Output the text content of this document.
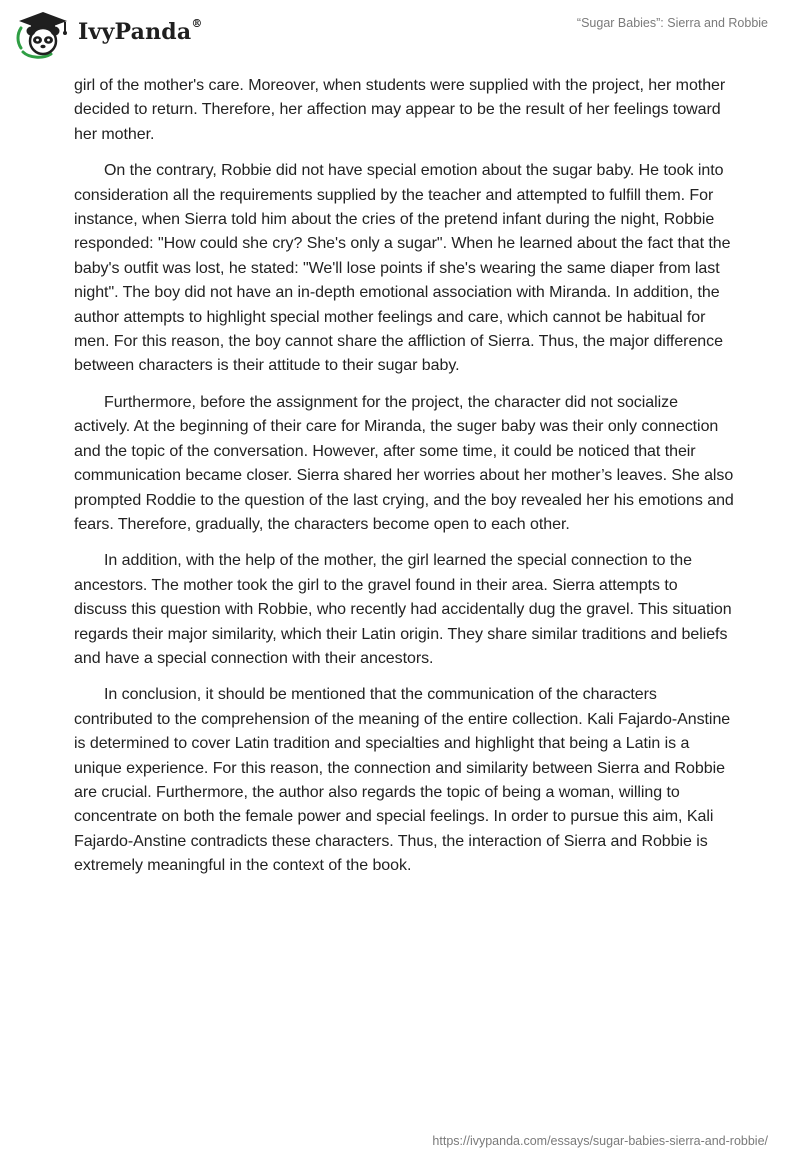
IvyPanda®	“Sugar Babies”: Sierra and Robbie

girl of the mother's care. Moreover, when students were supplied with the project, her mother decided to return. Therefore, her affection may appear to be the result of her feelings toward her mother.

On the contrary, Robbie did not have special emotion about the sugar baby. He took into consideration all the requirements supplied by the teacher and attempted to fulfill them. For instance, when Sierra told him about the cries of the pretend infant during the night, Robbie responded: "How could she cry? She's only a sugar". When he learned about the fact that the baby's outfit was lost, he stated: "We'll lose points if she's wearing the same diaper from last night". The boy did not have an in-depth emotional association with Miranda. In addition, the author attempts to highlight special mother feelings and care, which cannot be habitual for men. For this reason, the boy cannot share the affliction of Sierra. Thus, the major difference between characters is their attitude to their sugar baby.

Furthermore, before the assignment for the project, the character did not socialize actively. At the beginning of their care for Miranda, the suger baby was their only connection and the topic of the conversation. However, after some time, it could be noticed that their communication became closer. Sierra shared her worries about her mother’s leaves. She also prompted Roddie to the question of the last crying, and the boy revealed her his emotions and fears. Therefore, gradually, the characters become open to each other.

In addition, with the help of the mother, the girl learned the special connection to the ancestors. The mother took the girl to the gravel found in their area. Sierra attempts to discuss this question with Robbie, who recently had accidentally dug the gravel. This situation regards their major similarity, which their Latin origin. They share similar traditions and beliefs and have a special connection with their ancestors.

In conclusion, it should be mentioned that the communication of the characters contributed to the comprehension of the meaning of the entire collection. Kali Fajardo-Anstine is determined to cover Latin tradition and specialties and highlight that being a Latin is a unique experience. For this reason, the connection and similarity between Sierra and Robbie are crucial. Furthermore, the author also regards the topic of being a woman, willing to concentrate on both the female power and special feelings. In order to pursue this aim, Kali Fajardo-Anstine contradicts these characters. Thus, the interaction of Sierra and Robbie is extremely meaningful in the context of the book.

https://ivypanda.com/essays/sugar-babies-sierra-and-robbie/
